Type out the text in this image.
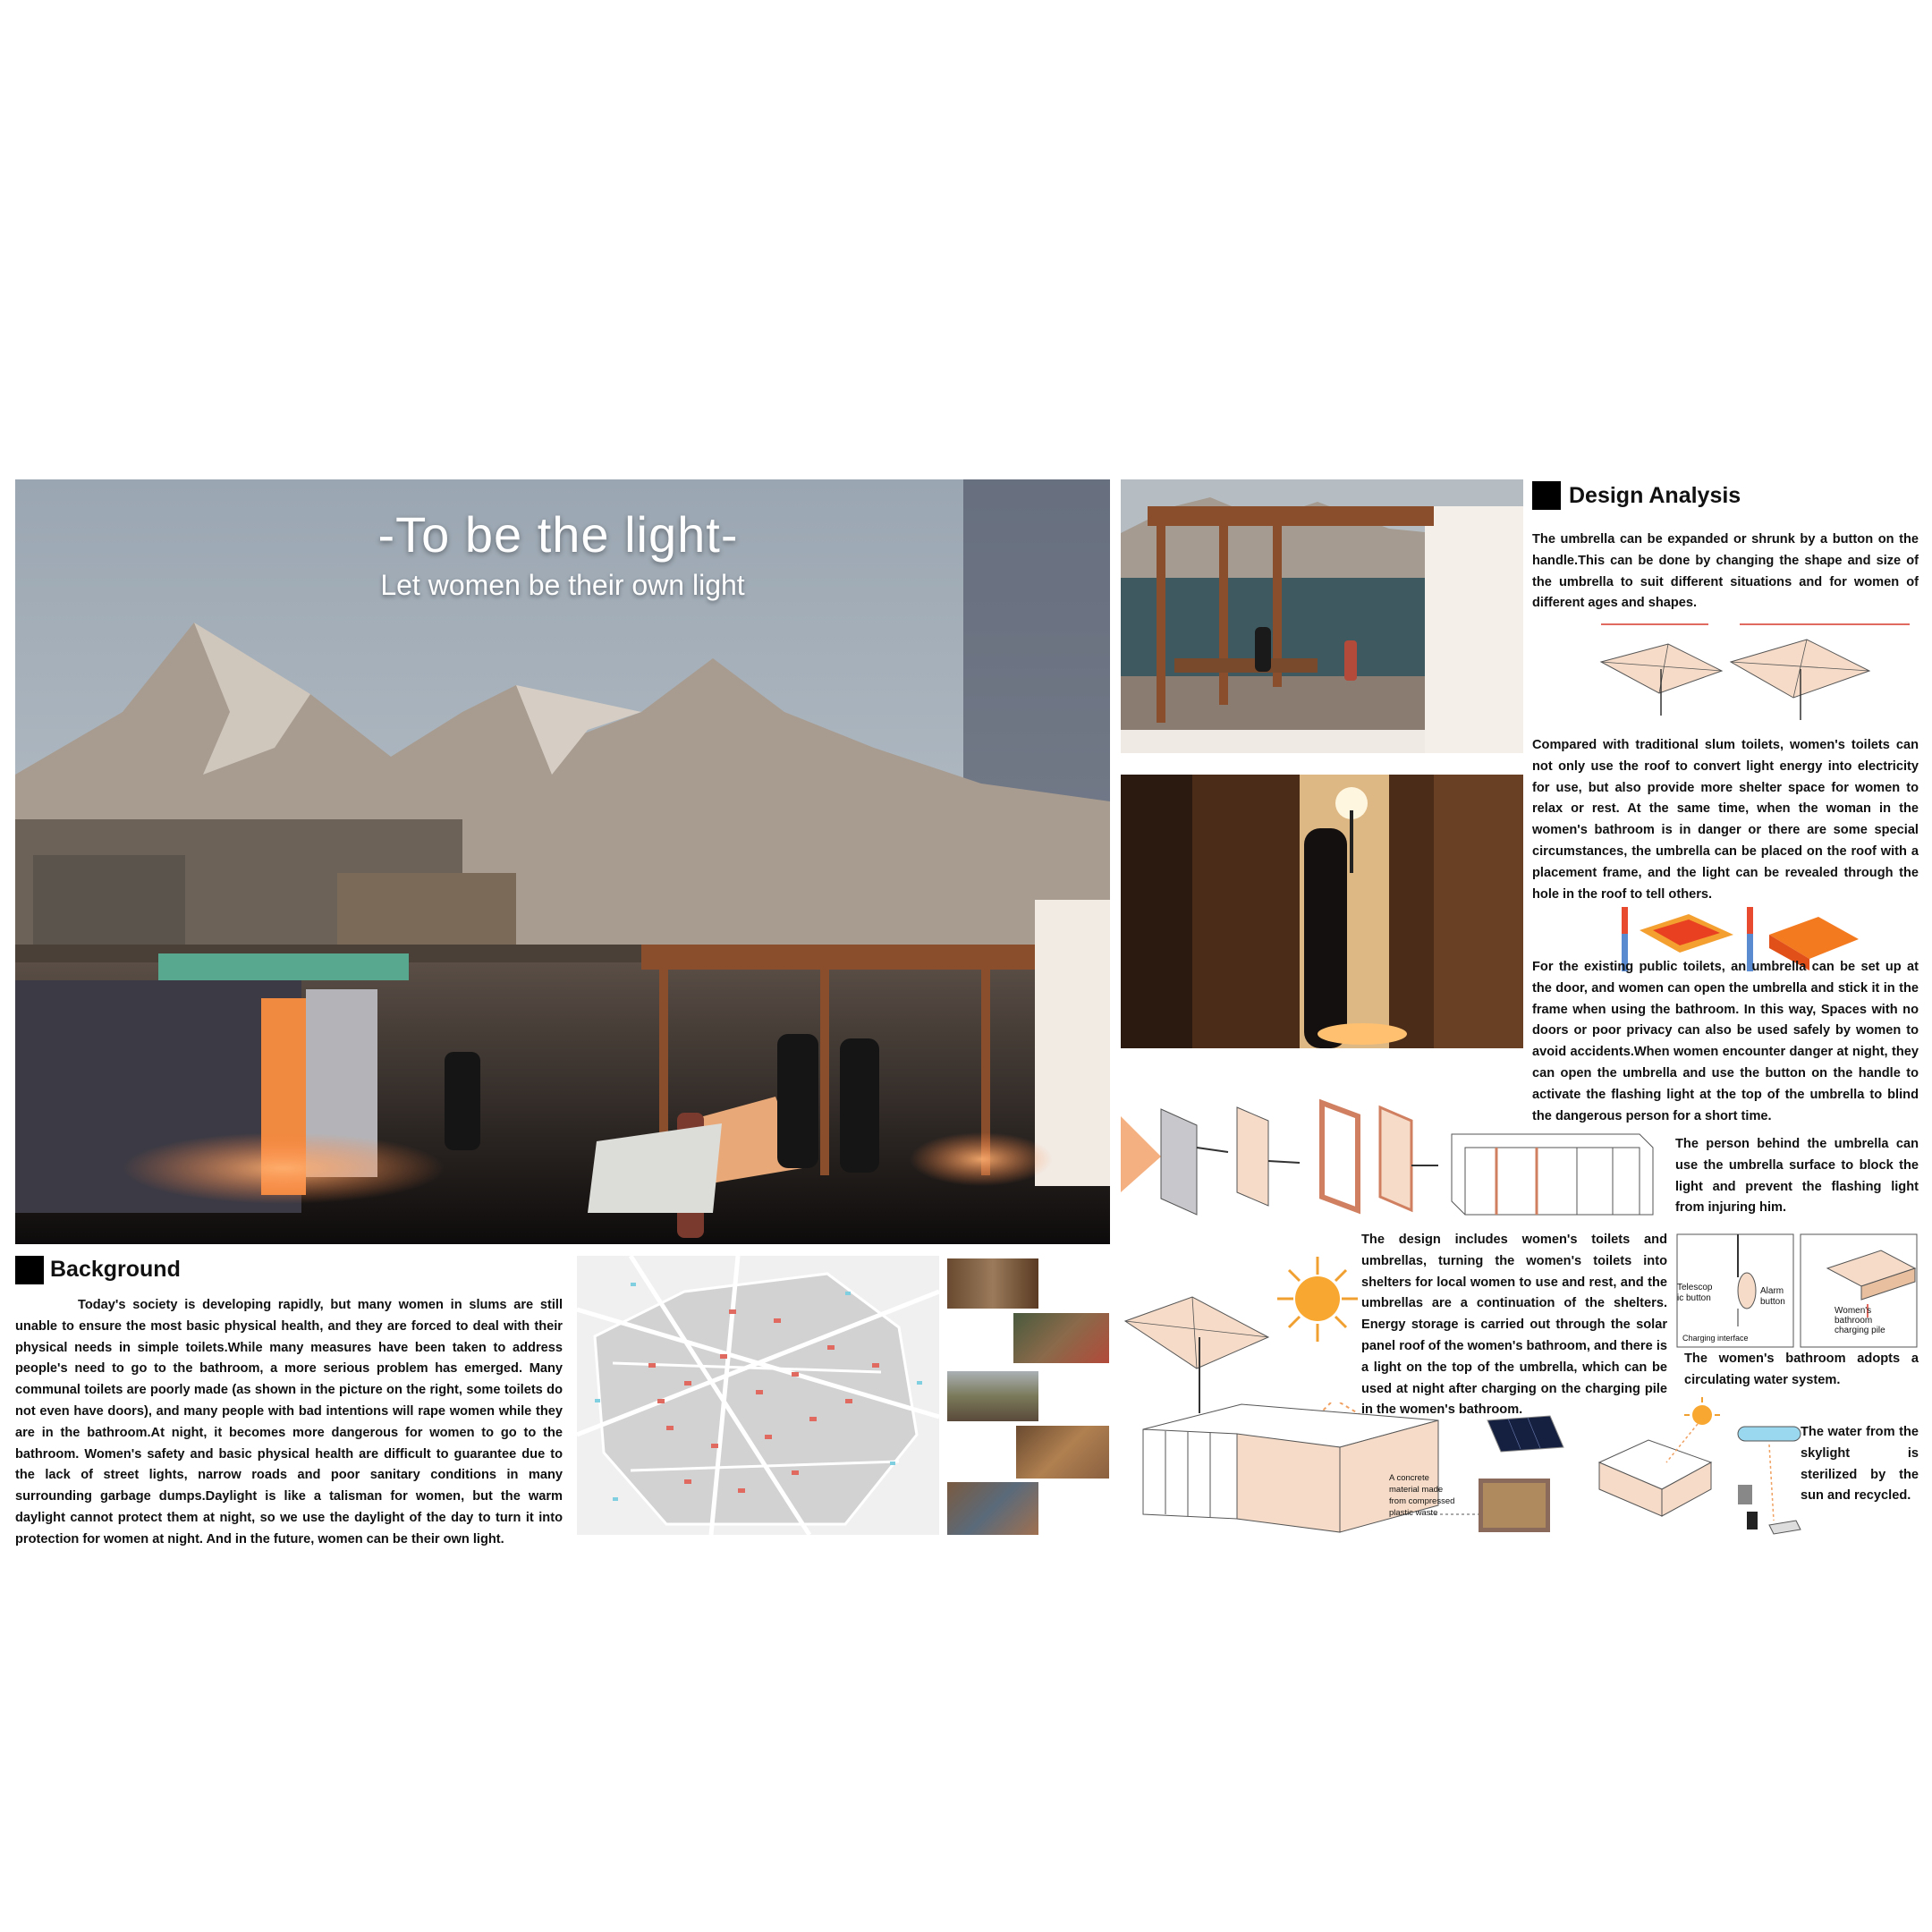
-To be the light-
Let women be their own light
Background

Today's society is developing rapidly, but many women in slums are still unable to ensure the most basic physical health, and they are forced to deal with their physical needs in simple toilets.While many measures have been taken to address people's need to go to the bathroom, a more serious problem has emerged. Many communal toilets are poorly made (as shown in the picture on the right, some toilets do not even have doors), and many people with bad intentions will rape women while they are in the bathroom.At night, it becomes more dangerous for women to go to the bathroom. Women's safety and basic physical health are difficult to guarantee due to the lack of street lights, narrow roads and poor sanitary conditions in many surrounding garbage dumps.Daylight is like a talisman for women, but the warm daylight cannot protect them at night, so we use the daylight of the day to turn it into protection for women at night. And in the future, women can be their own light.

Design Analysis

The umbrella can be expanded or shrunk by a button on the handle.This can be done by changing the shape and size of the umbrella to suit different situations and for women of different ages and shapes.

Compared with traditional slum toilets, women's toilets can not only use the roof to convert light energy into electricity for use, but also provide more shelter space for women to relax or rest. At the same time, when the woman in the women's bathroom is in danger or there are some special circumstances, the umbrella can be placed on the roof with a placement frame, and the light can be revealed through the hole in the roof to tell others.

For the existing public toilets, an umbrella can be set up at the door, and women can open the umbrella and stick it in the frame when using the bathroom. In this way, Spaces with no doors or poor privacy can also be used safely by women to avoid accidents.When women encounter danger at night, they can open the umbrella and use the button on the handle to activate the flashing light at the top of the umbrella to blind the dangerous person for a short time.

The person behind the umbrella can use the umbrella surface to block the light and prevent the flashing light from injuring him.

The design includes women's toilets and umbrellas, turning the women's toilets into shelters for local women to use and rest, and the umbrellas are a continuation of the shelters. Energy storage is carried out through the solar panel roof of the women's bathroom, and there is a light on the top of the umbrella, which can be used at night after charging on the charging pile in the women's bathroom.

Telescop
ic button
Alarm
button
Charging interface
Women's
bathroom
charging pile

The women's bathroom adopts a circulating water system.

A concrete
material made
from compressed
plastic waste

The water from the skylight is sterilized by the sun and recycled.
